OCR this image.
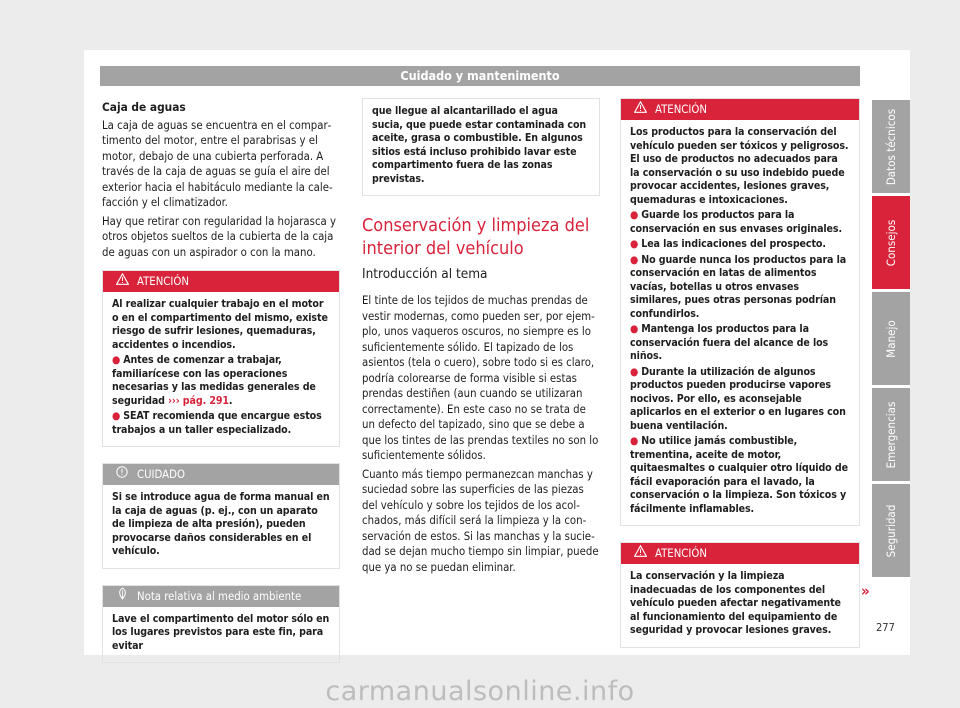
Cuidado y mantenimento
Caja de aguas

La caja de aguas se encuentra en el compartimento del motor, entre el parabrisas y el motor, debajo de una cubierta perforada. A través de la caja de aguas se guía el aire del exterior hacia el habitáculo mediante la calefacción y el climatizador.

Hay que retirar con regularidad la hojarasca y otros objetos sueltos de la cubierta de la caja de aguas con un aspirador o con la mano.

ATENCIÓN

Al realizar cualquier trabajo en el motor o en el compartimento del mismo, existe riesgo de sufrir lesiones, quemaduras, accidentes o incendios.

● Antes de comenzar a trabajar, familiarícese con las operaciones necesarias y las medidas generales de seguridad ››› pág. 291.

● SEAT recomienda que encargue estos trabajos a un taller especializado.

CUIDADO

Si se introduce agua de forma manual en la caja de aguas (p. ej., con un aparato de limpieza de alta presión), pueden provocarse daños considerables en el vehículo.

Nota relativa al medio ambiente

Lave el compartimento del motor sólo en los lugares previstos para este fin, para evitar

que llegue al alcantarillado el agua sucia, que puede estar contaminada con aceite, grasa o combustible. En algunos sitios está incluso prohibido lavar este compartimento fuera de las zonas previstas.

Conservación y limpieza del interior del vehículo
Introducción al tema

El tinte de los tejidos de muchas prendas de vestir modernas, como pueden ser, por ejemplo, unos vaqueros oscuros, no siempre es lo suficientemente sólido. El tapizado de los asientos (tela o cuero), sobre todo si es claro, podría colorearse de forma visible si estas prendas destiñen (aun cuando se utilizaran correctamente). En este caso no se trata de un defecto del tapizado, sino que se debe a que los tintes de las prendas textiles no son lo suficientemente sólidos.

Cuanto más tiempo permanezcan manchas y suciedad sobre las superficies de las piezas del vehículo y sobre los tejidos de los acolchados, más difícil será la limpieza y la conservación de estos. Si las manchas y la suciedad se dejan mucho tiempo sin limpiar, puede que ya no se puedan eliminar.

ATENCIÓN

Los productos para la conservación del vehículo pueden ser tóxicos y peligrosos. El uso de productos no adecuados para la conservación o su uso indebido puede provocar accidentes, lesiones graves, quemaduras e intoxicaciones.

● Guarde los productos para la conservación en sus envases originales.

● Lea las indicaciones del prospecto.

● No guarde nunca los productos para la conservación en latas de alimentos vacías, botellas u otros envases similares, pues otras personas podrían confundirlos.

● Mantenga los productos para la conservación fuera del alcance de los niños.

● Durante la utilización de algunos productos pueden producirse vapores nocivos. Por ello, es aconsejable aplicarlos en el exterior o en lugares con buena ventilación.

● No utilice jamás combustible, trementina, aceite de motor, quitaesmaltes o cualquier otro líquido de fácil evaporación para el lavado, la conservación o la limpieza. Son tóxicos y fácilmente inflamables.

ATENCIÓN

La conservación y la limpieza inadecuadas de los componentes del vehículo pueden afectar negativamente al funcionamiento del equipamiento de seguridad y provocar lesiones graves.

»
Datos técnicos
Consejos
Manejo
Emergencias
Seguridad
277
carmanualsonline.info
